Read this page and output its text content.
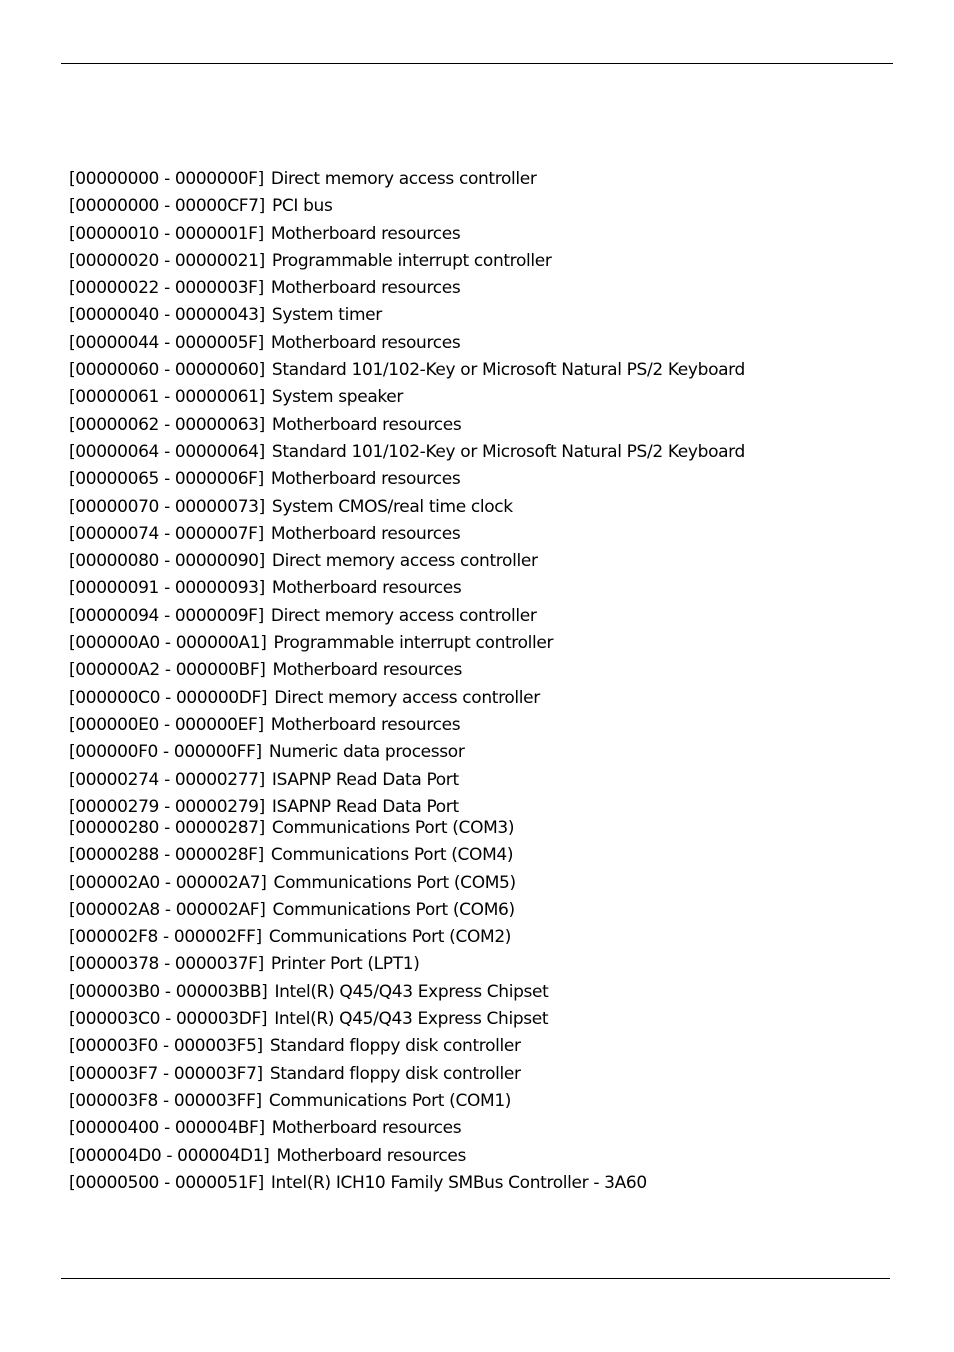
[00000000 - 0000000F] Direct memory access controller
[00000000 - 00000CF7] PCI bus
[00000010 - 0000001F] Motherboard resources
[00000020 - 00000021] Programmable interrupt controller
[00000022 - 0000003F] Motherboard resources
[00000040 - 00000043] System timer
[00000044 - 0000005F] Motherboard resources
[00000060 - 00000060] Standard 101/102-Key or Microsoft Natural PS/2 Keyboard
[00000061 - 00000061] System speaker
[00000062 - 00000063] Motherboard resources
[00000064 - 00000064] Standard 101/102-Key or Microsoft Natural PS/2 Keyboard
[00000065 - 0000006F] Motherboard resources
[00000070 - 00000073] System CMOS/real time clock
[00000074 - 0000007F] Motherboard resources
[00000080 - 00000090] Direct memory access controller
[00000091 - 00000093] Motherboard resources
[00000094 - 0000009F] Direct memory access controller
[000000A0 - 000000A1] Programmable interrupt controller
[000000A2 - 000000BF] Motherboard resources
[000000C0 - 000000DF] Direct memory access controller
[000000E0 - 000000EF] Motherboard resources
[000000F0 - 000000FF] Numeric data processor
[00000274 - 00000277] ISAPNP Read Data Port
[00000279 - 00000279] ISAPNP Read Data Port
[00000280 - 00000287] Communications Port (COM3)
[00000288 - 0000028F] Communications Port (COM4)
[000002A0 - 000002A7] Communications Port (COM5)
[000002A8 - 000002AF] Communications Port (COM6)
[000002F8 - 000002FF] Communications Port (COM2)
[00000378 - 0000037F] Printer Port (LPT1)
[000003B0 - 000003BB] Intel(R) Q45/Q43 Express Chipset
[000003C0 - 000003DF] Intel(R) Q45/Q43 Express Chipset
[000003F0 - 000003F5] Standard floppy disk controller
[000003F7 - 000003F7] Standard floppy disk controller
[000003F8 - 000003FF] Communications Port (COM1)
[00000400 - 000004BF] Motherboard resources
[000004D0 - 000004D1] Motherboard resources
[00000500 - 0000051F] Intel(R) ICH10 Family SMBus Controller - 3A60
